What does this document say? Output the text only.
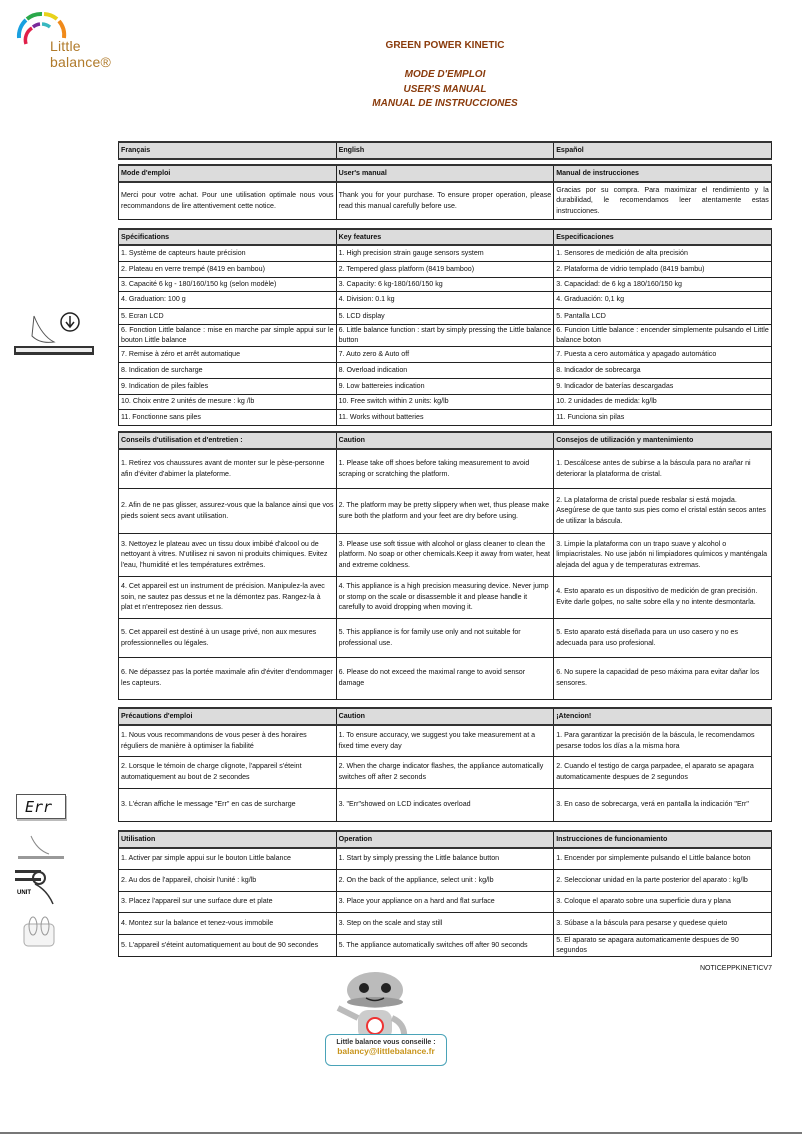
Little balance®
GREEN POWER KINETIC
MODE D'EMPLOI
USER'S MANUAL
MANUAL DE INSTRUCCIONES
Français	English	Español
Mode d'emploi	User's manual	Manual de instrucciones
Merci pour votre achat. Pour une utilisation optimale nous vous recommandons de lire attentivement cette notice.	Thank you for your purchase. To ensure proper operation, please read this manual carefully before use.	Gracias por su compra. Para maximizar el rendimiento y la durabilidad, le recomendamos leer atentamente estas instrucciones.
Spécifications	Key features	Especificaciones
1. Système de capteurs haute précision	1. High precision strain gauge sensors system	1. Sensores de medición de alta precisión
2. Plateau en verre trempé (8419 en bambou)	2. Tempered glass platform (8419 bamboo)	2. Plataforma de vidrio templado (8419 bambu)
3. Capacité 6 kg - 180/160/150 kg (selon modèle)	3. Capacity: 6 kg-180/160/150 kg	3. Capacidad: de 6 kg a 180/160/150 kg
4. Graduation: 100 g	4. Division: 0.1 kg	4. Graduación: 0,1 kg
5. Ecran LCD	5. LCD display	5. Pantalla LCD
6. Fonction Little balance : mise en marche par simple appui sur le bouton Little balance	6. Little balance function : start by simply pressing the Little balance button	6. Funcion Little balance : encender simplemente pulsando el Little balance boton
7. Remise à zéro et arrêt automatique	7. Auto zero & Auto off	7. Puesta a cero automática y apagado automático
8. Indication de surcharge	8. Overload indication	8. Indicador de sobrecarga
9. Indication de piles faibles	9. Low battereies indication	9. Indicador de baterías descargadas
10. Choix entre 2 unités de mesure : kg /lb	10. Free switch within 2 units: kg/lb	10. 2 unidades de medida: kg/lb
11. Fonctionne sans piles	11. Works without batteries	11. Funciona sin pilas
Conseils d'utilisation et d'entretien :	Caution	Consejos de utilización y mantenimiento
1. Retirez vos chaussures avant de monter sur le pèse-personne afin d'éviter d'abimer la plateforme.	1. Please take off shoes before taking measurement to avoid scraping or scratching the platform.	1. Descálcese antes de subirse a la báscula para no arañar ni deteriorar la plataforma de cristal.
2. Afin de ne pas glisser, assurez-vous que la balance ainsi que vos pieds soient secs avant utilisation.	2. The platform may be pretty slippery when wet, thus please make sure both the platform and your feet are dry before using.	2. La plataforma de cristal puede resbalar si está mojada. Asegúrese de que tanto sus pies como el cristal están secos antes de utilizar la báscula.
3. Nettoyez le plateau avec un tissu doux imbibé d'alcool ou de nettoyant à vitres. N'utilisez ni savon ni produits chimiques. Evitez l'eau, l'humidité et les températures extrêmes.	3. Please use soft tissue with alcohol or glass cleaner to clean the platform. No soap or other chemicals.Keep it away from water, heat and extreme coldness.	3. Limpie la plataforma con un trapo suave y alcohol o limpiacristales. No use jabón ni limpiadores químicos y manténgala alejada del agua y de temperaturas extremas.
4. Cet appareil est un instrument de précision. Manipulez-la avec soin, ne sautez pas dessus et ne la démontez pas. Rangez-la à plat et n'entreposez rien dessus.	4. This appliance is a high precision measuring device. Never jump or stomp on the scale or disassemble it and please handle it carefully to avoid dropping when moving it.	4. Esto aparato es un dispositivo de medición de gran precisión. Evite darle golpes, no salte sobre ella y no intente desmontarla.
5. Cet appareil est destiné à un usage privé, non aux mesures professionnelles ou légales.	5. This appliance is for family use only and not suitable for professional use.	5. Esto aparato está diseñada para un uso casero y no es adecuada para uso profesional.
6. Ne dépassez pas la portée maximale afin d'éviter d'endommager les capteurs.	6. Please do not exceed the maximal range to avoid sensor damage	6. No supere la capacidad de peso máxima para evitar dañar los sensores.
Précautions d'emploi	Caution	¡Atencion!
1. Nous vous recommandons de vous peser à des horaires réguliers de manière à optimiser la fiabilité	1. To ensure accuracy, we suggest you take measurement at a fixed time every day	1. Para garantizar la precisión de la báscula, le recomendamos pesarse todos los días a la misma hora
2. Lorsque le témoin de charge clignote, l'appareil s'éteint automatiquement au bout de 2 secondes	2. When the charge indicator flashes, the appliance automatically switches off after 2 seconds	2. Cuando el testigo de carga parpadee, el aparato se apagara automaticamente despues de 2 segundos
3. L'écran affiche le message "Err" en cas de surcharge	3. "Err"showed on LCD indicates overload	3. En caso de sobrecarga, verá en pantalla la indicación "Err"
Utilisation	Operation	Instrucciones de funcionamiento
1. Activer par simple appui sur le bouton Little balance	1. Start by simply pressing the Little balance button	1. Encender por simplemente pulsando el Little balance boton
2. Au dos de l'appareil, choisir l'unité : kg/lb	2. On the back of the appliance, select unit : kg/lb	2. Seleccionar unidad en la parte posterior del aparato : kg/lb
3. Placez l'appareil sur une surface dure et plate	3. Place your appliance on a hard and flat surface	3. Coloque el aparato sobre una superficie dura y plana
4. Montez sur la balance et tenez-vous immobile	3. Step on the scale and stay still	3. Súbase a la báscula para pesarse y quedese quieto
5. L'appareil s'éteint automatiquement au bout de 90 secondes	5. The appliance automatically switches off after 90 seconds	5. El aparato se apagara automaticamente despues de 90 segundos
Err
UNIT
NOTICEPPKINETICV7
Little balance vous conseille :
balancy@littlebalance.fr
